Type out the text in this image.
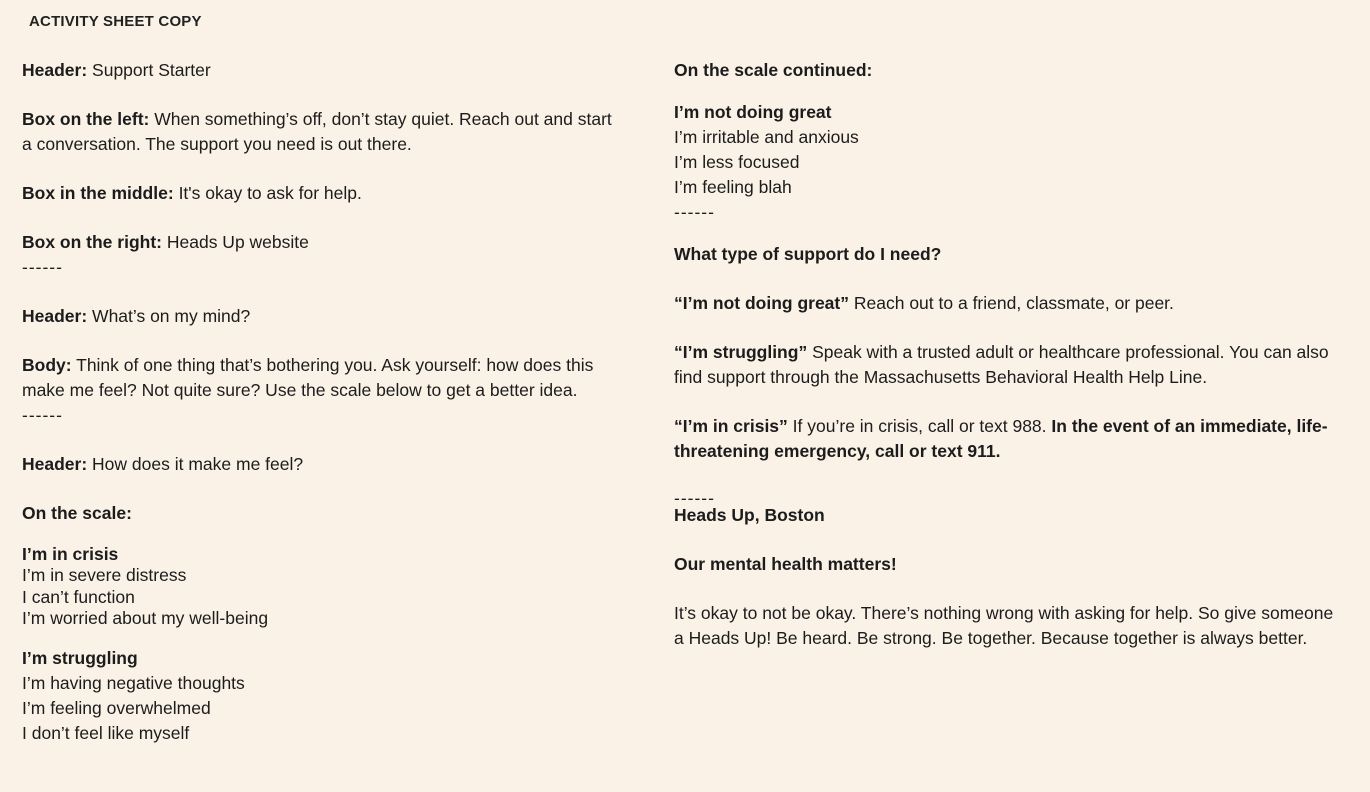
ACTIVITY SHEET COPY
Header: Support Starter
Box on the left: When something’s off, don’t stay quiet. Reach out and start a conversation. The support you need is out there.
Box in the middle: It's okay to ask for help.
Box on the right: Heads Up website
------
Header: What’s on my mind?
Body: Think of one thing that’s bothering you. Ask yourself: how does this make me feel? Not quite sure? Use the scale below to get a better idea.
------
Header: How does it make me feel?
On the scale:
I’m in crisis
I’m in severe distress
I can’t function
I’m worried about my well-being
I’m struggling
I’m having negative thoughts
I’m feeling overwhelmed
I don’t feel like myself
On the scale continued:
I’m not doing great
I’m irritable and anxious
I’m less focused
I’m feeling blah
------
What type of support do I need?
“I’m not doing great” Reach out to a friend, classmate, or peer.
“I’m struggling” Speak with a trusted adult or healthcare professional. You can also find support through the Massachusetts Behavioral Health Help Line.
“I’m in crisis” If you’re in crisis, call or text 988. In the event of an immediate, life-threatening emergency, call or text 911.
------
Heads Up, Boston
Our mental health matters!
It’s okay to not be okay. There’s nothing wrong with asking for help. So give someone a Heads Up! Be heard. Be strong. Be together. Because together is always better.
